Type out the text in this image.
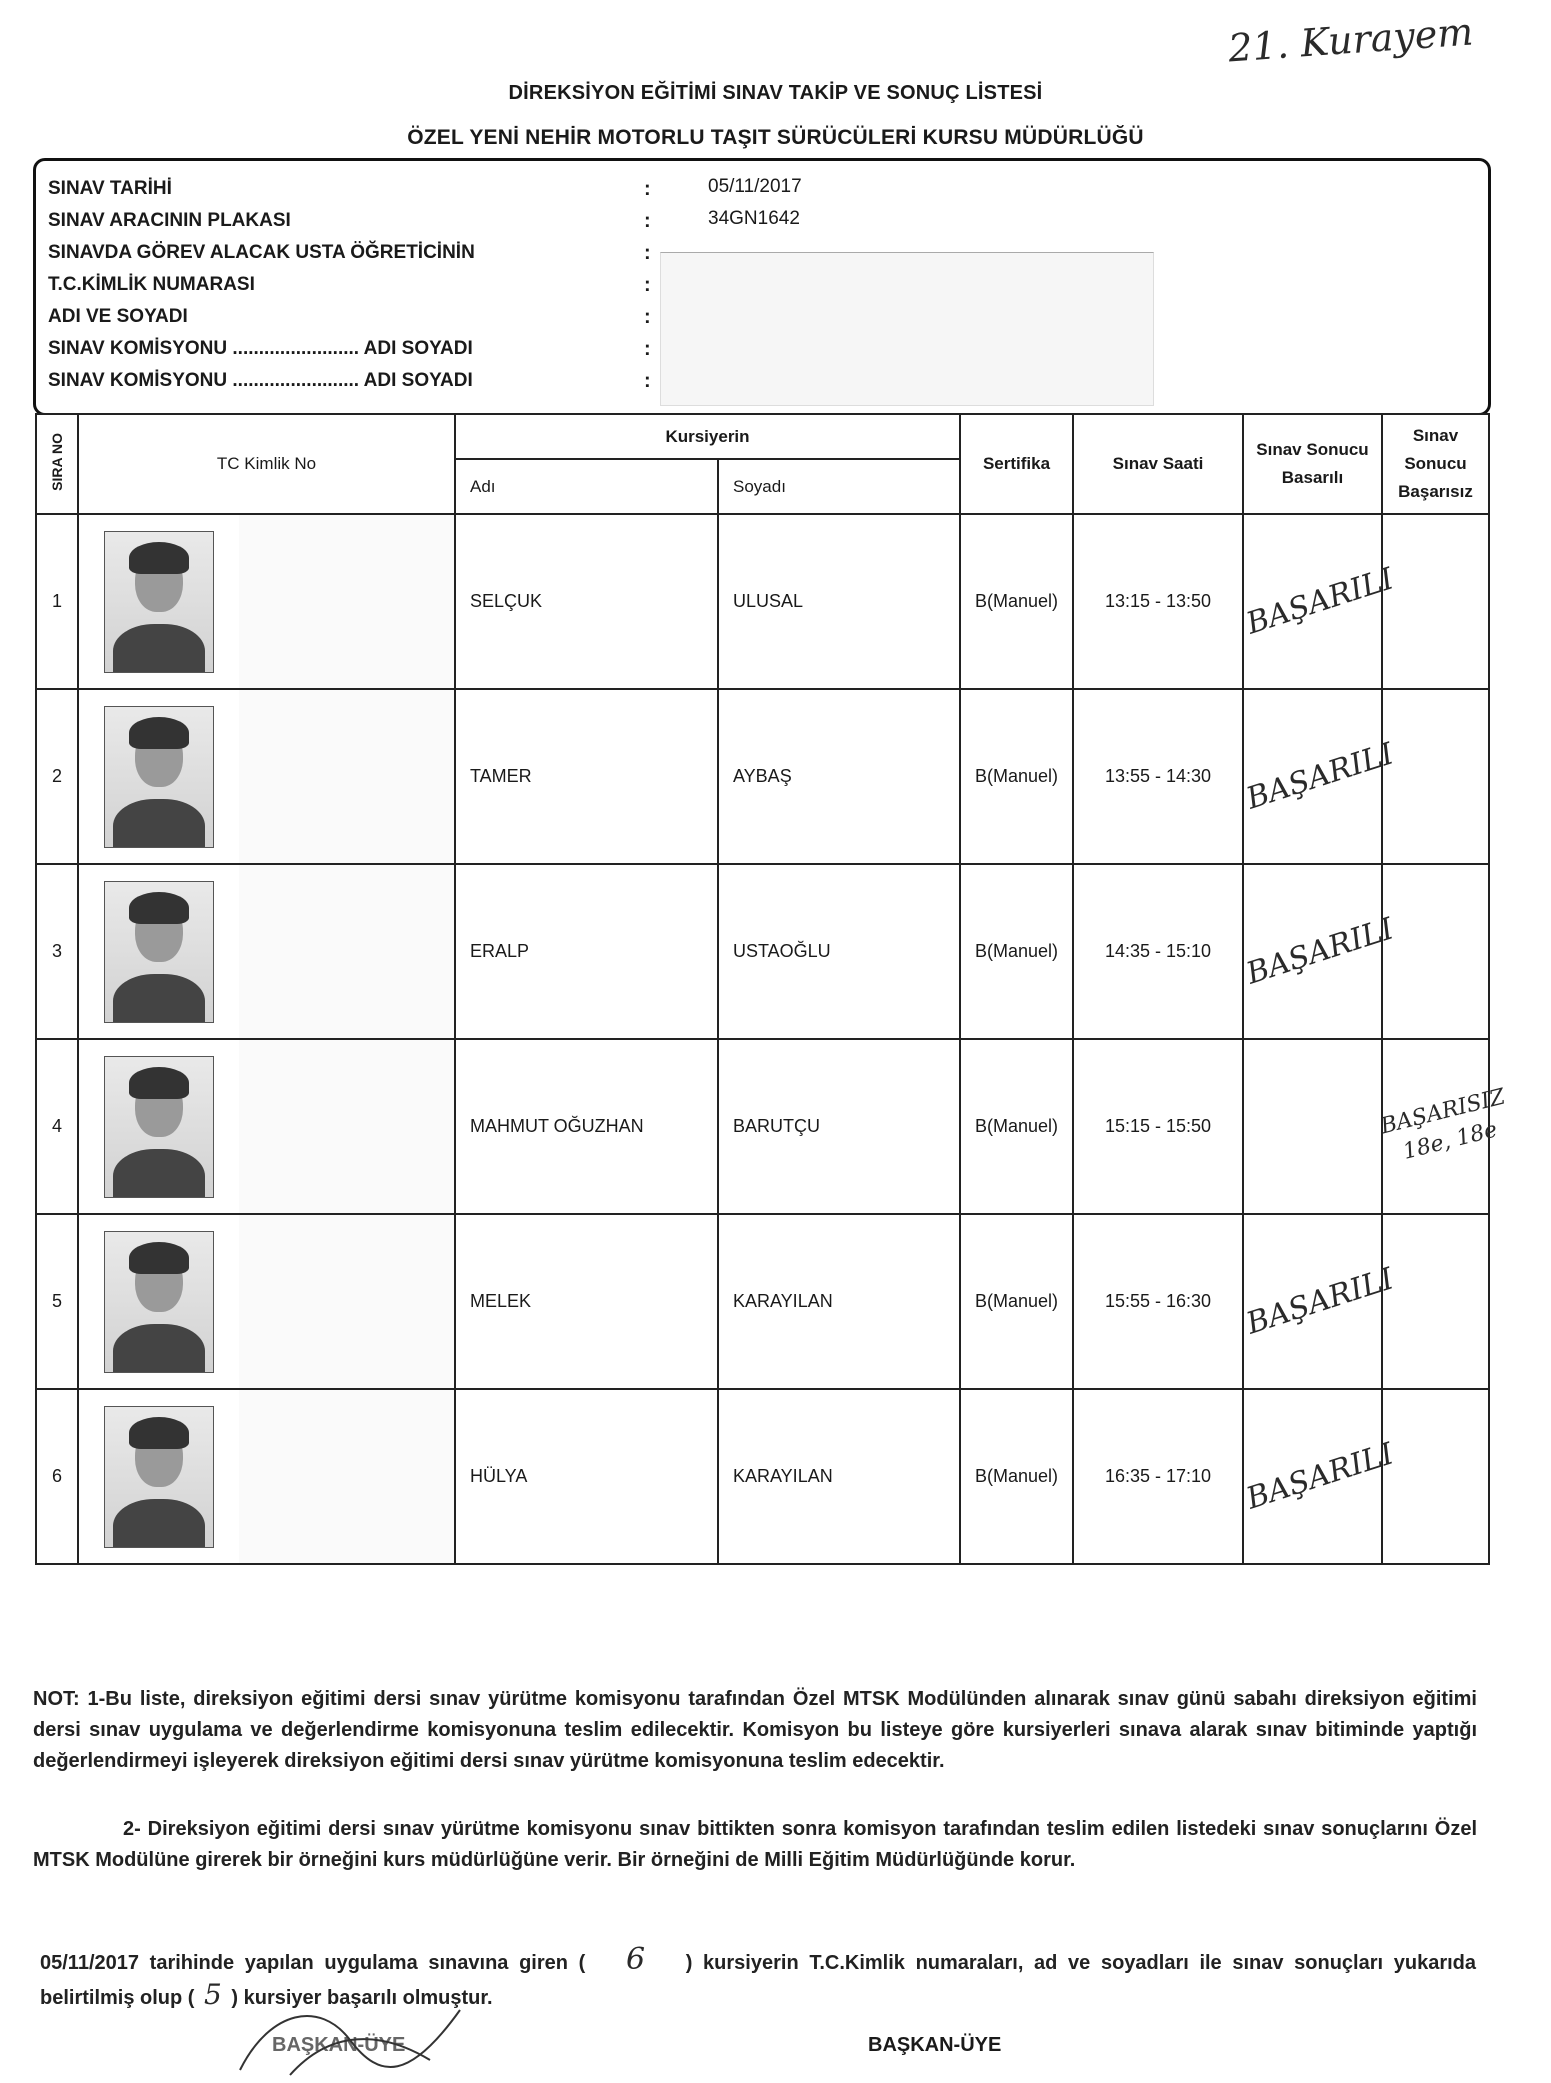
21. Kurayem
DİREKSİYON EĞİTİMİ SINAV TAKİP VE SONUÇ LİSTESİ
ÖZEL YENİ NEHİR MOTORLU TAŞIT SÜRÜCÜLERİ KURSU MÜDÜRLÜĞÜ
SINAV TARİHİ	:	05/11/2017
SINAV ARACININ PLAKASI	:	34GN1642
SINAVDA GÖREV ALACAK USTA ÖĞRETİCİNİN	:
T.C.KİMLİK NUMARASI	:
ADI VE SOYADI	:
SINAV KOMİSYONU ........................ ADI SOYADI	:
SINAV KOMİSYONU ........................ ADI SOYADI	:
SIRA NO	TC Kimlik No	Kursiyerin		Sertifika	Sınav Saati	Sınav Sonucu Basarılı	Sınav Sonucu Başarısız
		Adı	Soyadı				
1		SELÇUK	ULUSAL	B(Manuel)	13:15 - 13:50	BAŞARILI	
2		TAMER	AYBAŞ	B(Manuel)	13:55 - 14:30	BAŞARILI	
3		ERALP	USTAOĞLU	B(Manuel)	14:35 - 15:10	BAŞARILI	
4		MAHMUT OĞUZHAN	BARUTÇU	B(Manuel)	15:15 - 15:50		BAŞARISIZ 18e, 18e
5		MELEK	KARAYILAN	B(Manuel)	15:55 - 16:30	BAŞARILI	
6		HÜLYA	KARAYILAN	B(Manuel)	16:35 - 17:10	BAŞARILI	
NOT: 1-Bu liste, direksiyon eğitimi dersi sınav yürütme komisyonu tarafından Özel MTSK Modülünden alınarak sınav günü sabahı direksiyon eğitimi dersi sınav uygulama ve değerlendirme komisyonuna teslim edilecektir. Komisyon bu listeye göre kursiyerleri sınava alarak sınav bitiminde yaptığı değerlendirmeyi işleyerek direksiyon eğitimi dersi sınav yürütme komisyonuna teslim edecektir.
2- Direksiyon eğitimi dersi sınav yürütme komisyonu sınav bittikten sonra komisyon tarafından teslim edilen listedeki sınav sonuçlarını Özel MTSK Modülüne girerek bir örneğini kurs müdürlüğüne verir. Bir örneğini de Milli Eğitim Müdürlüğünde korur.
05/11/2017 tarihinde yapılan uygulama sınavına giren ( 6 ) kursiyerin T.C.Kimlik numaraları, ad ve soyadları ile sınav sonuçları yukarıda belirtilmiş olup ( 5 ) kursiyer başarılı olmuştur.
BAŞKAN-ÜYE	BAŞKAN-ÜYE
